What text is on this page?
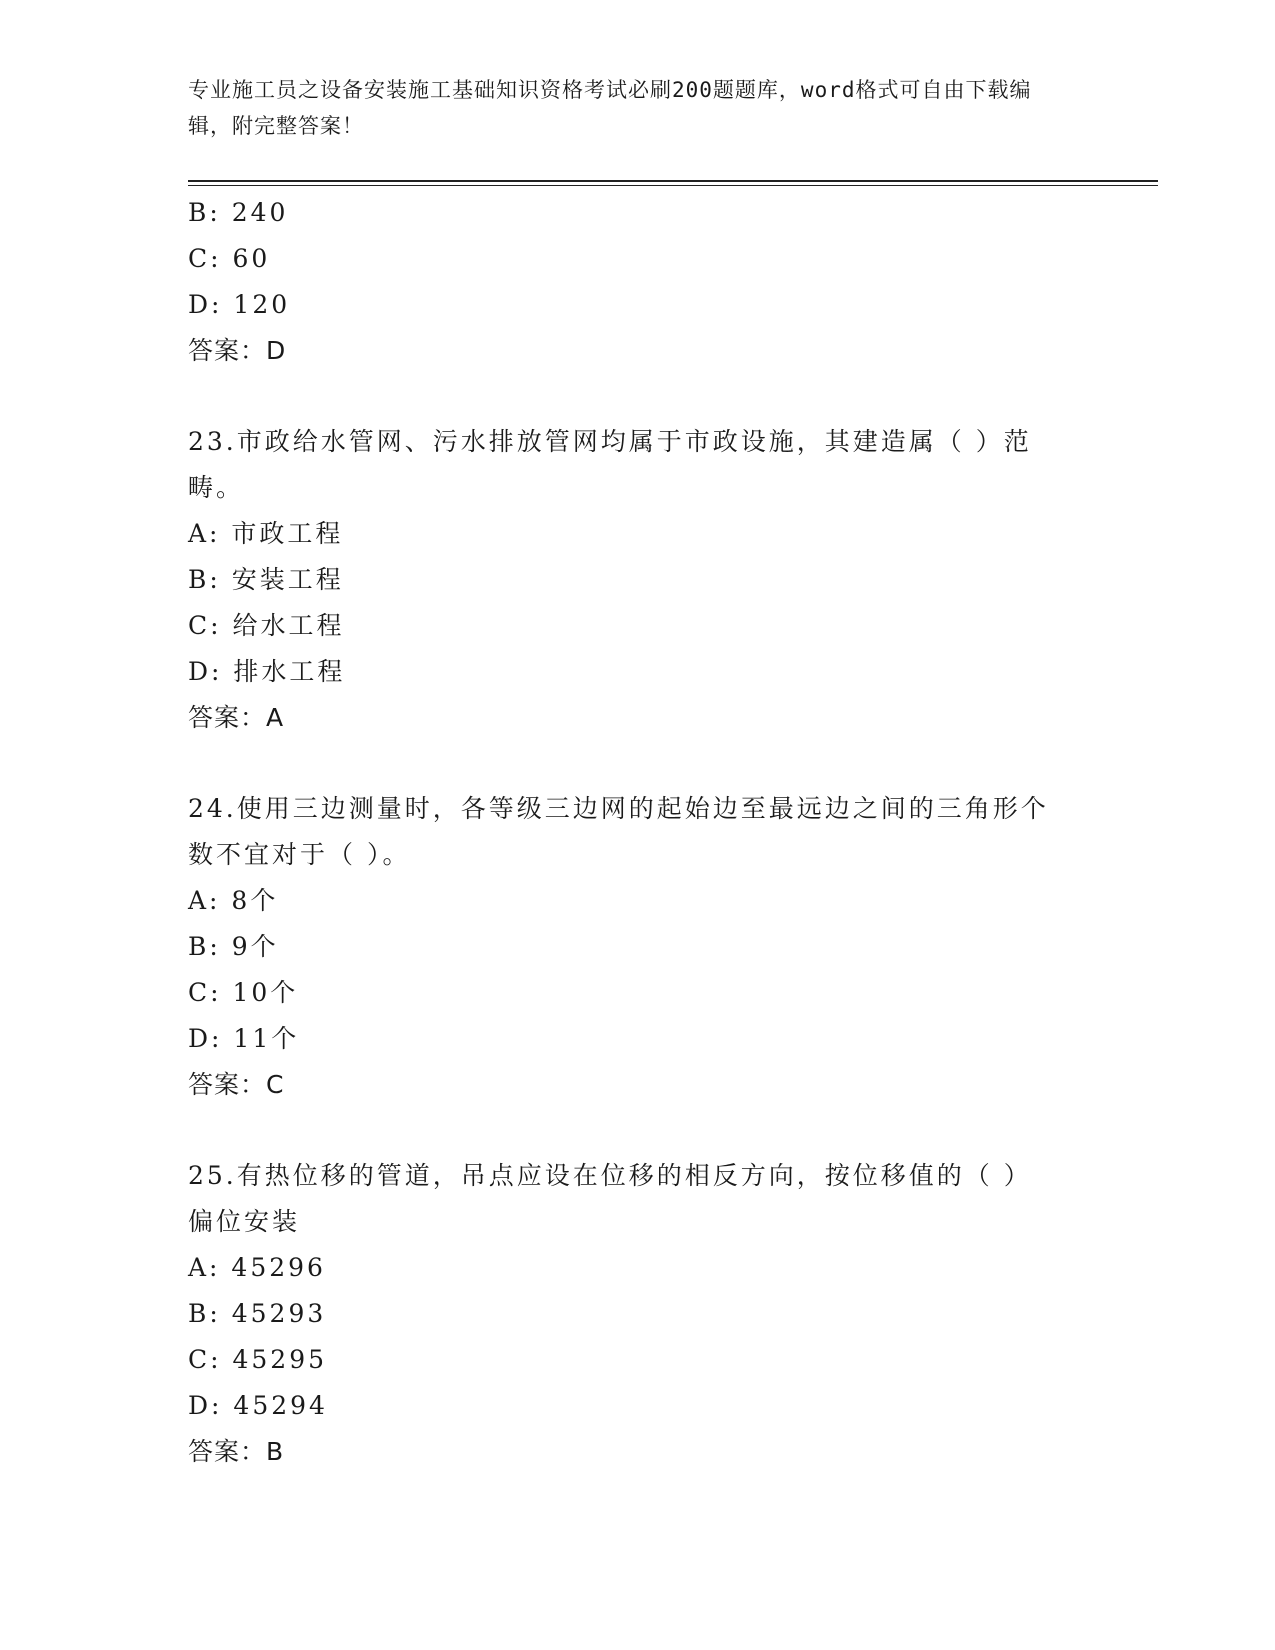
专业施工员之设备安装施工基础知识资格考试必刷200题题库，word格式可自由下载编辑，附完整答案！
B: 240
C: 60
D: 120
答案：D
23.市政给水管网、污水排放管网均属于市政设施，其建造属（ ）范
畴。
A: 市政工程
B: 安装工程
C: 给水工程
D: 排水工程
答案：A
24.使用三边测量时，各等级三边网的起始边至最远边之间的三角形个
数不宜对于（ ）。
A: 8个
B: 9个
C: 10个
D: 11个
答案：C
25.有热位移的管道，吊点应设在位移的相反方向，按位移值的（ ）
偏位安装
A: 45296
B: 45293
C: 45295
D: 45294
答案：B
